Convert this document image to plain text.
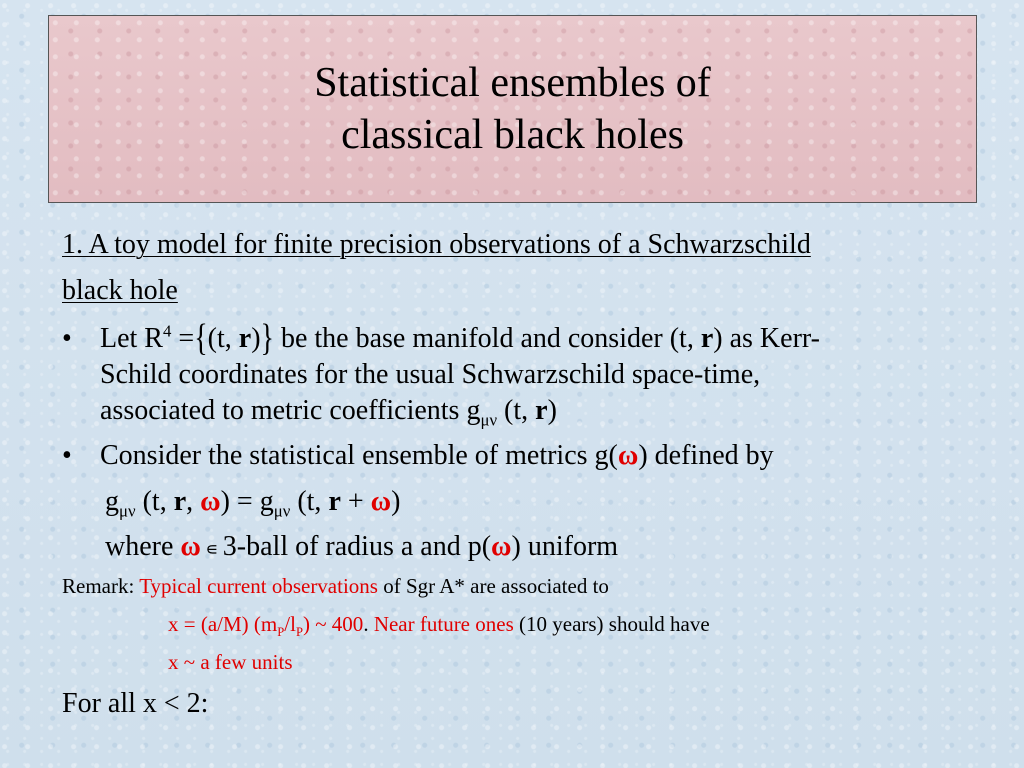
Statistical ensembles of
classical black holes
1. A toy model for finite precision observations of a Schwarzschild
black hole
• Let $R^4 =\{(t$, r)} be the base manifold and consider (t, r) as Kerr-
Schild coordinates for the usual Schwarzschild space-time,
associated to metric coefficients $g_{\mu\nu}$ (t, r)
• Consider the statistical ensemble of metrics g(ω) defined by
$g_{\mu\nu}$ (t, r, $\omega) = g_{\mu\nu}$ (t, r + ω)
where ω ∊ 3-ball of radius a and p(ω) uniform
Remark: Typical current observations of Sgr A* are associated to
x = (a/M) $(m_P/l_P)$ ~ 400. Near future ones (10 years) should have
x ~ a few units
For all x < 2:
